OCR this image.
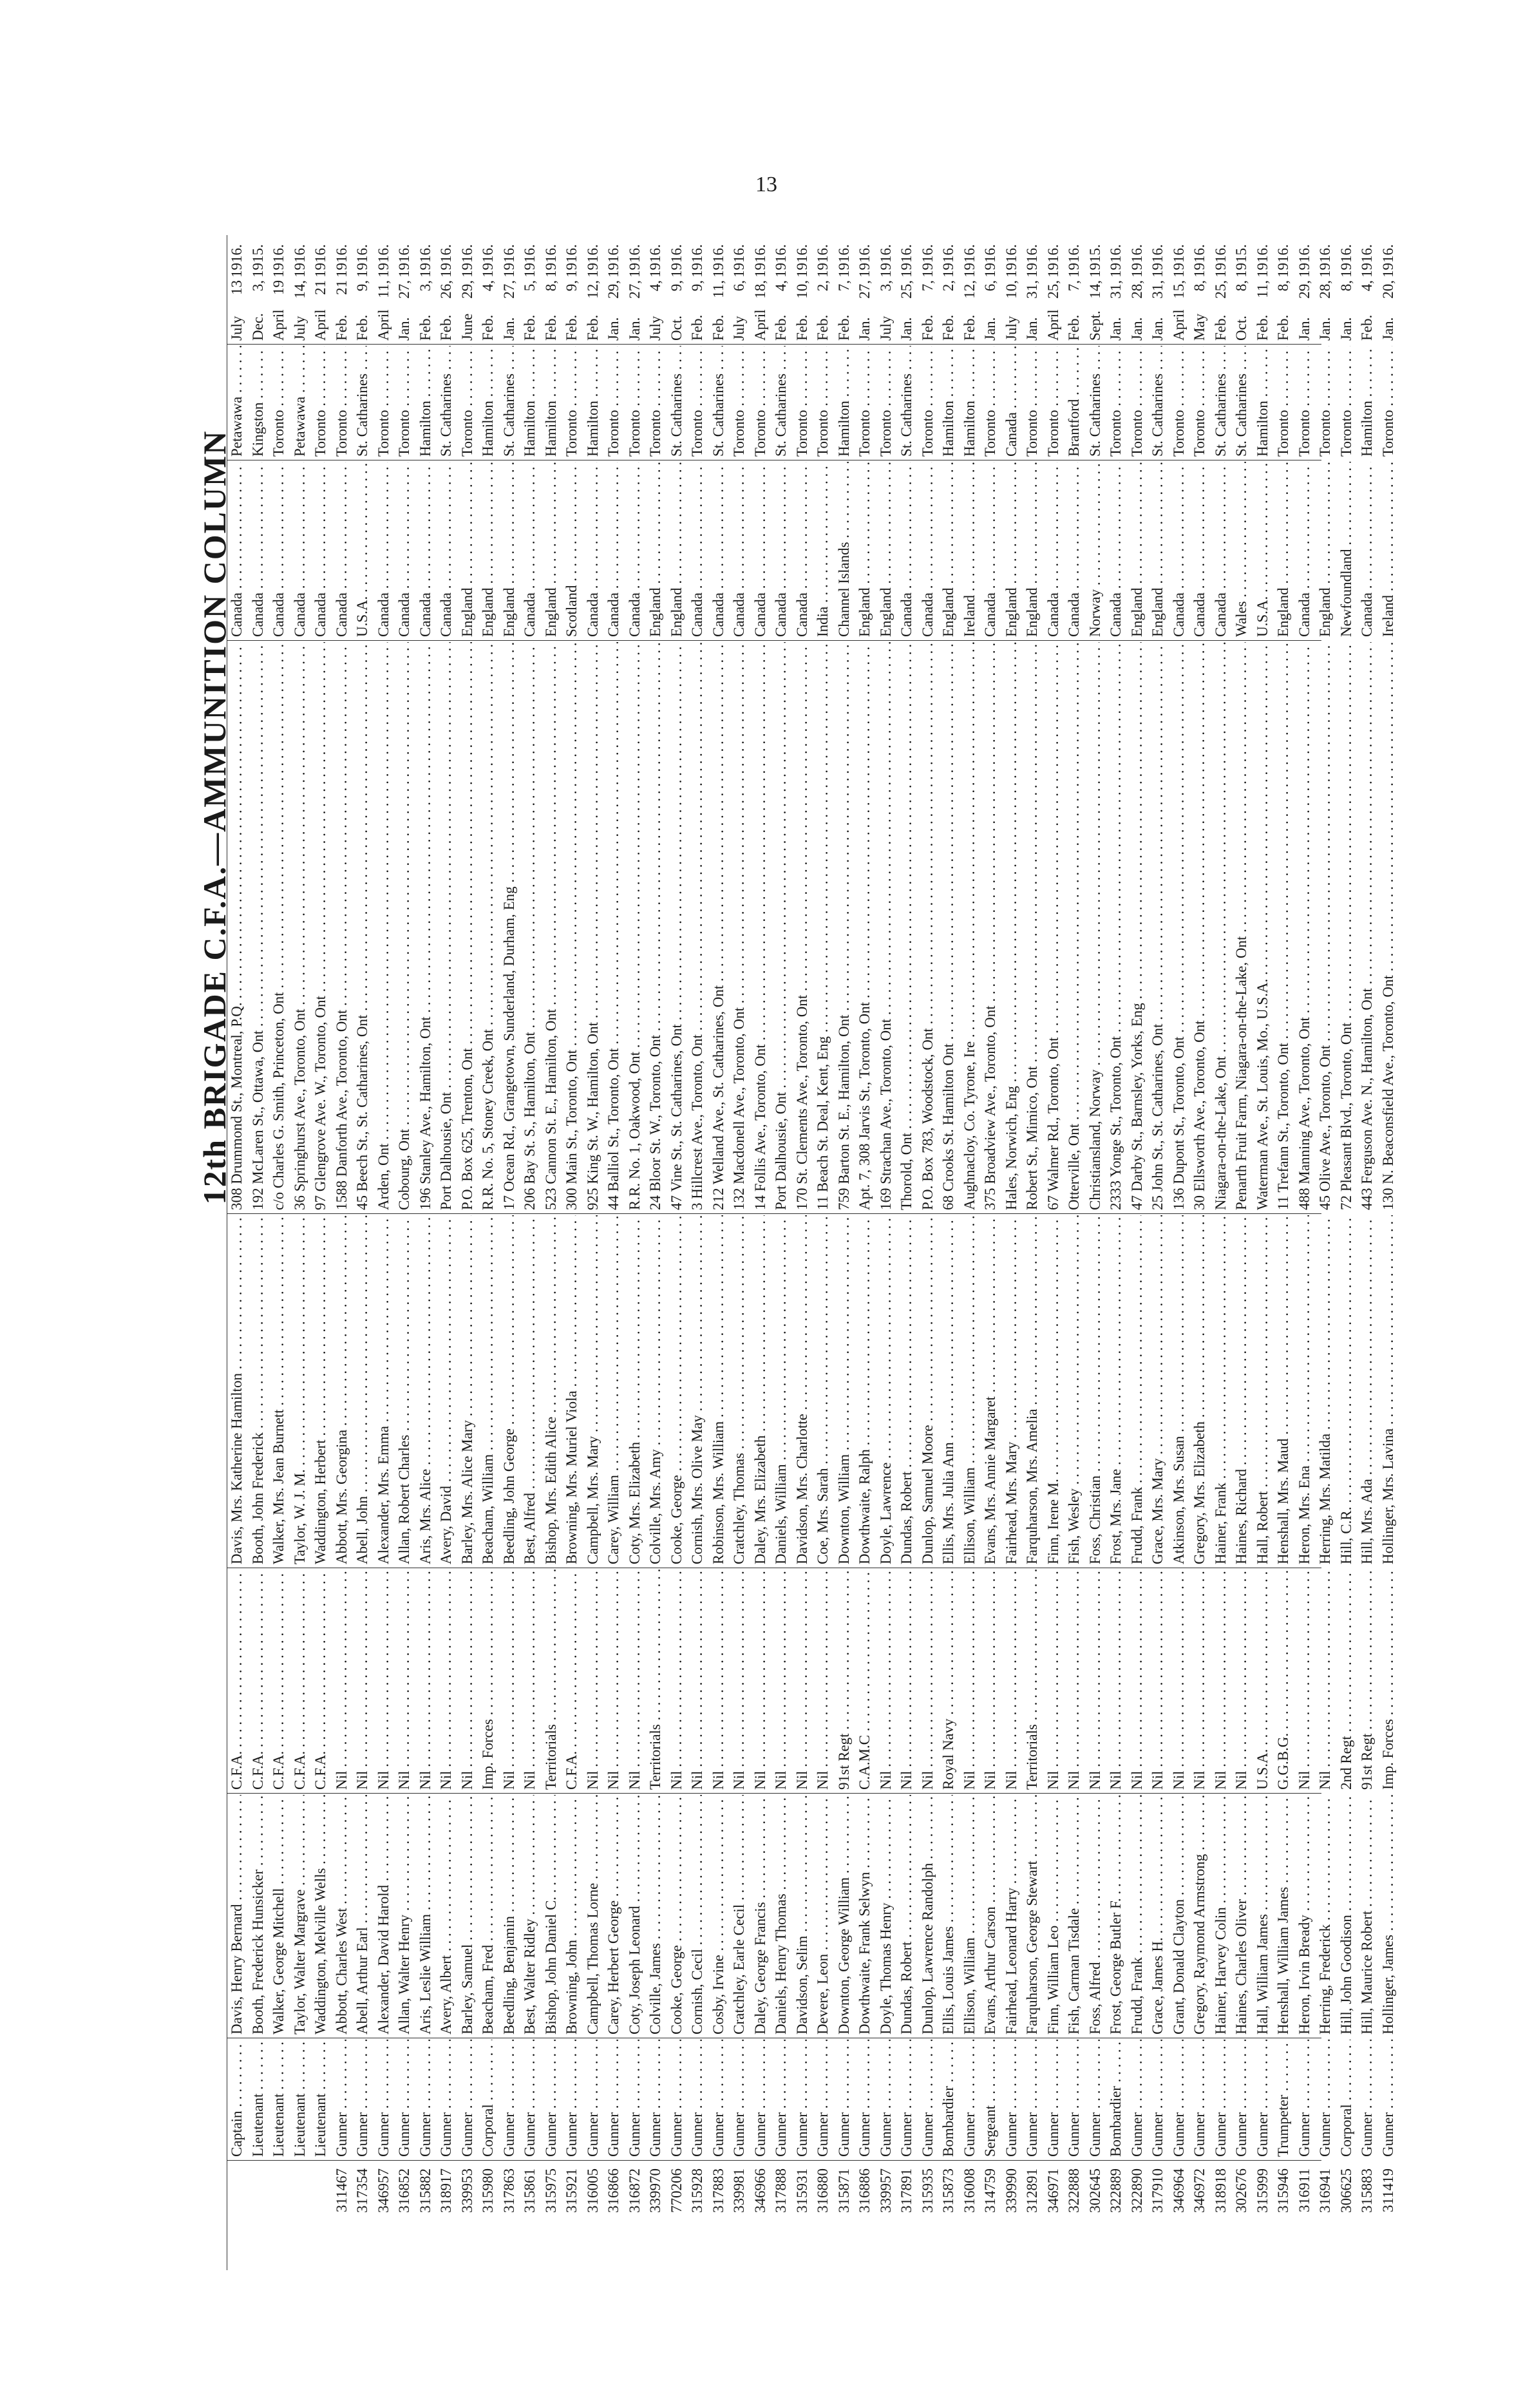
13
12th BRIGADE C.F.A.—AMMUNITION COLUMN
Captain . . .
Davis, Henry Bernard . . .
C.F.A. . . .
Davis, Mrs. Katherine Hamilton . . .
308 Drummond St., Montreal, P.Q. . . .
Canada . . .
Petawawa . . .
July
13
1916.
Lieutenant . . .
Booth, Frederick Hunsicker . . .
C.F.A. . . .
Booth, John Frederick . . .
192 McLaren St., Ottawa, Ont . . .
Canada . . .
Kingston . . .
Dec.
3,
1915.
Lieutenant . . .
Walker, George Mitchell . . .
C.F.A. . . .
Walker, Mrs. Jean Burnett . . .
c/o Charles G. Smith, Princeton, Ont . . .
Canada . . .
Toronto . . .
April
19
1916.
Lieutenant . . .
Taylor, Walter Margrave . . .
C.F.A. . . .
Taylor, W. J. M. . . .
36 Springhurst Ave., Toronto, Ont . . .
Canada . . .
Petawawa . . .
July
14,
1916.
Lieutenant . . .
Waddington, Melville Wells . . .
C.F.A. . . .
Waddington, Herbert . . .
97 Glengrove Ave. W., Toronto, Ont . . .
Canada . . .
Toronto . . .
April
21
1916.
311467
Gunner . . .
Abbott, Charles West . . .
Nil . . .
Abbott, Mrs. Georgina . . .
1588 Danforth Ave., Toronto, Ont . . .
Canada . . .
Toronto . . .
Feb.
21
1916.
317354
Gunner . . .
Abell, Arthur Earl . . .
Nil . . .
Abell, John . . .
45 Beech St., St. Catharines, Ont . . .
U.S.A. . . .
St. Catharines . . .
Feb.
9,
1916.
346957
Gunner . . .
Alexander, David Harold . . .
Nil . . .
Alexander, Mrs. Emma . . .
Arden, Ont . . .
Canada . . .
Toronto . . .
April
11,
1916.
316852
Gunner . . .
Allan, Walter Henry . . .
Nil . . .
Allan, Robert Charles . . .
Cobourg, Ont . . .
Canada . . .
Toronto . . .
Jan.
27,
1916.
315882
Gunner . . .
Aris, Leslie William . . .
Nil . . .
Aris, Mrs. Alice . . .
196 Stanley Ave., Hamilton, Ont . . .
Canada . . .
Hamilton . . .
Feb.
3,
1916.
318917
Gunner . . .
Avery, Albert . . .
Nil . . .
Avery, David . . .
Port Dalhousie, Ont . . .
Canada . . .
St. Catharines . . .
Feb.
26,
1916.
339953
Gunner . . .
Barley, Samuel . . .
Nil . . .
Barley, Mrs. Alice Mary . . .
P.O. Box 625, Trenton, Ont . . .
England . . .
Toronto . . .
June
29,
1916.
315980
Corporal . . .
Beacham, Fred . . .
Imp. Forces . . .
Beacham, William . . .
R.R. No. 5, Stoney Creek, Ont . . .
England . . .
Hamilton . . .
Feb.
4,
1916.
317863
Gunner . . .
Beedling, Benjamin . . .
Nil . . .
Beedling, John George . . .
17 Ocean Rd., Grangetown, Sunderland, Durham, Eng . . .
England . . .
St. Catharines . . .
Jan.
27,
1916.
315861
Gunner . . .
Best, Walter Ridley . . .
Nil . . .
Best, Alfred . . .
206 Bay St. S., Hamilton, Ont . . .
Canada . . .
Hamilton . . .
Feb.
5,
1916.
315975
Gunner . . .
Bishop, John Daniel C. . . .
Territorials . . .
Bishop, Mrs. Edith Alice . . .
523 Cannon St. E., Hamilton, Ont . . .
England . . .
Hamilton . . .
Feb.
8,
1916.
315921
Gunner . . .
Browning, John . . .
C.F.A. . . .
Browning, Mrs. Muriel Viola . . .
300 Main St., Toronto, Ont . . .
Scotland . . .
Toronto . . .
Feb.
9,
1916.
316005
Gunner . . .
Campbell, Thomas Lorne . . .
Nil . . .
Campbell, Mrs. Mary . . .
925 King St. W., Hamilton, Ont . . .
Canada . . .
Hamilton . . .
Feb.
12,
1916.
316866
Gunner . . .
Carey, Herbert George . . .
Nil . . .
Carey, William . . .
44 Balliol St., Toronto, Ont . . .
Canada . . .
Toronto . . .
Jan.
29,
1916.
316872
Gunner . . .
Coty, Joseph Leonard . . .
Nil . . .
Coty, Mrs. Elizabeth . . .
R.R. No. 1, Oakwood, Ont . . .
Canada . . .
Toronto . . .
Jan.
27,
1916.
339970
Gunner . . .
Colville, James . . .
Territorials . . .
Colville, Mrs. Amy . . .
24 Bloor St. W., Toronto, Ont . . .
England . . .
Toronto . . .
July
4,
1916.
770206
Gunner . . .
Cooke, George . . .
Nil . . .
Cooke, George . . .
47 Vine St., St. Catharines, Ont . . .
England . . .
St. Catharines . . .
Oct.
9,
1916.
315928
Gunner . . .
Cornish, Cecil . . .
Nil . . .
Cornish, Mrs. Olive May . . .
3 Hillcrest Ave., Toronto, Ont . . .
Canada . . .
Toronto . . .
Feb.
9,
1916.
317883
Gunner . . .
Cosby, Irvine . . .
Nil . . .
Robinson, Mrs. William . . .
212 Welland Ave., St. Catharines, Ont . . .
Canada . . .
St. Catharines . . .
Feb.
11,
1916.
339981
Gunner . . .
Cratchley, Earle Cecil . . .
Nil . . .
Cratchley, Thomas . . .
132 Macdonell Ave., Toronto, Ont . . .
Canada . . .
Toronto . . .
July
6,
1916.
346966
Gunner . . .
Daley, George Francis . . .
Nil . . .
Daley, Mrs. Elizabeth . . .
14 Follis Ave., Toronto, Ont . . .
Canada . . .
Toronto . . .
April
18,
1916.
317888
Gunner . . .
Daniels, Henry Thomas . . .
Nil . . .
Daniels, William . . .
Port Dalhousie, Ont . . .
Canada . . .
St. Catharines . . .
Feb.
4,
1916.
315931
Gunner . . .
Davidson, Selim . . .
Nil . . .
Davidson, Mrs. Charlotte . . .
170 St. Clements Ave., Toronto, Ont . . .
Canada . . .
Toronto . . .
Feb.
10,
1916.
316880
Gunner . . .
Devere, Leon . . .
Nil . . .
Coe, Mrs. Sarah . . .
11 Beach St. Deal, Kent, Eng . . .
India . . .
Toronto . . .
Feb.
2,
1916.
315871
Gunner . . .
Downton, George William . . .
91st Regt . . .
Downton, William . . .
759 Barton St. E., Hamilton, Ont . . .
Channel Islands . . .
Hamilton . . .
Feb.
7,
1916.
316886
Gunner . . .
Dowthwaite, Frank Selwyn . . .
C.A.M.C . . .
Dowthwaite, Ralph . . .
Apt. 7, 308 Jarvis St., Toronto, Ont . . .
England . . .
Toronto . . .
Jan.
27,
1916.
339957
Gunner . . .
Doyle, Thomas Henry . . .
Nil . . .
Doyle, Lawrence . . .
169 Strachan Ave., Toronto, Ont . . .
England . . .
Toronto . . .
July
3,
1916.
317891
Gunner . . .
Dundas, Robert . . .
Nil . . .
Dundas, Robert . . .
Thorold, Ont . . .
Canada . . .
St. Catharines . . .
Jan.
25,
1916.
315935
Gunner . . .
Dunlop, Lawrence Randolph . . .
Nil . . .
Dunlop, Samuel Moore . . .
P.O. Box 783, Woodstock, Ont . . .
Canada . . .
Toronto . . .
Feb.
7,
1916.
315873
Bombardier . . .
Ellis, Louis James . . .
Royal Navy . . .
Ellis, Mrs. Julia Ann . . .
68 Crooks St. Hamilton Ont . . .
England . . .
Hamilton . . .
Feb.
2,
1916.
316008
Gunner . . .
Ellison, William . . .
Nil . . .
Ellison, William . . .
Aughnacloy, Co. Tyrone, Ire . . .
Ireland . . .
Hamilton . . .
Feb.
12,
1916.
314759
Sergeant . . .
Evans, Arthur Carson . . .
Nil . . .
Evans, Mrs. Annie Margaret . . .
375 Broadview Ave., Toronto, Ont . . .
Canada . . .
Toronto . . .
Jan.
6,
1916.
339990
Gunner . . .
Fairhead, Leonard Harry . . .
Nil . . .
Fairhead, Mrs. Mary . . .
Hales, Norwich, Eng . . .
England . . .
Canada . . .
July
10,
1916.
312891
Gunner . . .
Farquharson, George Stewart . . .
Territorials . . .
Farquharson, Mrs. Amelia . . .
Robert St., Mimico, Ont . . .
England . . .
Toronto . . .
Jan.
31,
1916.
346971
Gunner . . .
Finn, William Leo . . .
Nil . . .
Finn, Irene M. . . .
67 Walmer Rd., Toronto, Ont . . .
Canada . . .
Toronto . . .
April
25,
1916.
322888
Gunner . . .
Fish, Carman Tisdale . . .
Nil . . .
Fish, Wesley . . .
Otterville, Ont . . .
Canada . . .
Brantford . . .
Feb.
7,
1916.
302645
Gunner . . .
Foss, Alfred . . .
Nil . . .
Foss, Christian . . .
Christiansland, Norway . . .
Norway . . .
St. Catharines . . .
Sept.
14,
1915.
322889
Bombardier . . .
Frost, George Butler F. . . .
Nil . . .
Frost, Mrs. Jane . . .
2333 Yonge St., Toronto, Ont . . .
Canada . . .
Toronto . . .
Jan.
31,
1916.
322890
Gunner . . .
Frudd, Frank . . .
Nil . . .
Frudd, Frank . . .
47 Darby St., Barnsley, Yorks, Eng . . .
England . . .
Toronto . . .
Jan.
28,
1916.
317910
Gunner . . .
Grace, James H. . . .
Nil . . .
Grace, Mrs. Mary . . .
25 John St., St. Catharines, Ont . . .
England . . .
St. Catharines . . .
Jan.
31,
1916.
346964
Gunner . . .
Grant, Donald Clayton . . .
Nil . . .
Atkinson, Mrs. Susan . . .
136 Dupont St., Toronto, Ont . . .
Canada . . .
Toronto . . .
April
15,
1916.
346972
Gunner . . .
Gregory, Raymond Armstrong . . .
Nil . . .
Gregory, Mrs. Elizabeth . . .
30 Ellsworth Ave., Toronto, Ont . . .
Canada . . .
Toronto . . .
May
8,
1916.
318918
Gunner . . .
Hainer, Harvey Colin . . .
Nil . . .
Hainer, Frank . . .
Niagara-on-the-Lake, Ont . . .
Canada . . .
St. Catharines . . .
Feb.
25,
1916.
302676
Gunner . . .
Haines, Charles Oliver . . .
Nil . . .
Haines, Richard . . .
Penarth Fruit Farm, Niagara-on-the-Lake, Ont . . .
Wales . . .
St. Catharines . . .
Oct.
8,
1915.
315999
Gunner . . .
Hall, William James . . .
U.S.A. . . .
Hall, Robert . . .
Waterman Ave., St. Louis, Mo., U.S.A. . . .
U.S.A. . . .
Hamilton . . .
Feb.
11,
1916.
315946
Trumpeter . . .
Henshall, William James . . .
G.G.B.G. . . .
Henshall, Mrs. Maud . . .
11 Trefann St., Toronto, Ont . . .
England . . .
Toronto . . .
Feb.
8,
1916.
316911
Gunner . . .
Heron, Irvin Bready . . .
Nil . . .
Heron, Mrs. Ena . . .
488 Manning Ave., Toronto, Ont . . .
Canada . . .
Toronto . . .
Jan.
29,
1916.
316941
Gunner . . .
Herring, Frederick . . .
Nil . . .
Herring, Mrs. Matilda . . .
45 Olive Ave., Toronto, Ont . . .
England . . .
Toronto . . .
Jan.
28,
1916.
306625
Corporal . . .
Hill, John Goodison . . .
2nd Regt . . .
Hill, C.R. . . .
72 Pleasant Blvd., Toronto, Ont . . .
Newfoundland . . .
Toronto . . .
Jan.
8,
1916.
315883
Gunner . . .
Hill, Maurice Robert . . .
91st Regt . . .
Hill, Mrs. Ada . . .
443 Ferguson Ave. N., Hamilton, Ont . . .
Canada . . .
Hamilton . . .
Feb.
4,
1916.
311419
Gunner . . .
Hollinger, James . . .
Imp. Forces . . .
Hollinger, Mrs. Lavina . . .
130 N. Beaconsfield Ave., Toronto, Ont . . .
Ireland . . .
Toronto . . .
Jan.
20,
1916.
